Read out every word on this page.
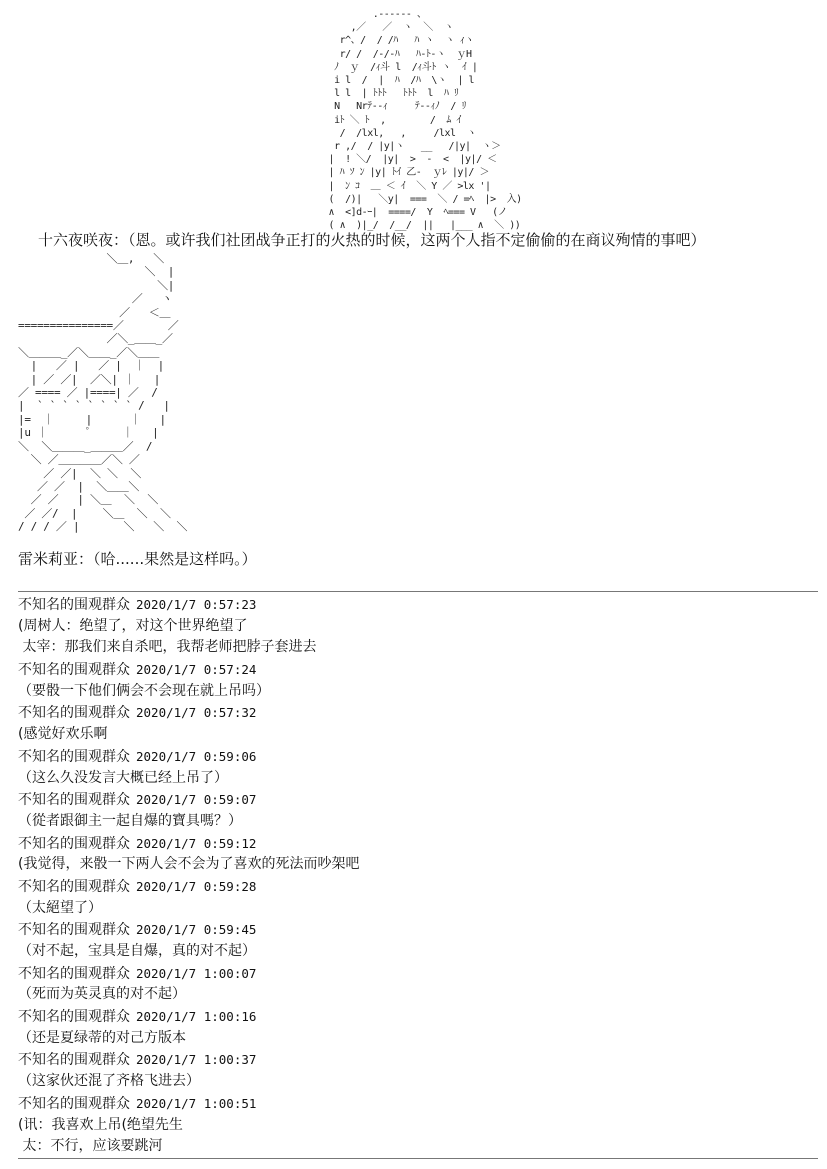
.-‐‐‐‐- 、
,／   ／  ヽ  ＼  ヽ
r^、/  / /ﾊ   ﾊ ヽ  ヽ ｨヽ
r/ /  /‐/‐ﾊ   ﾊ‐ﾄ‐ヽ  ｙH
ﾉ  ｙ  /ｨ斗 l  /ｨ斗ﾄ ヽ  ｲ |
i l  /  |  ﾊ  /ﾊ  \ヽ  | l
l l  | ﾄﾄﾄ   ﾄﾄﾄ  l  ﾊ ﾘ
N   Nrﾃ--ｨ     ﾃ--ｨﾉ  / ﾘ
iﾄ ＼ ﾄ  ,        /  ﾑ ｲ
/  /lxl,   ,     /lxl  ヽ
r ,/  / |y|ヽ   __   /|y|  ヽ＞
|  ! ＼/  |y|  >  ‐  <  |y|/ ＜
| ﾊ ｿ ﾝ |y| ﾄｲ 乙-  ｙﾚ |y|/ ＞
|  ﾝ ｺ  ＿ ＜ ｲ  ＼ Y ／ >lx '|
(  /)|   ＼y|  ===  ＼ / =ﾍ  |>  入)
∧  <]d-ｰ|  ====/  Y  ﾍ=== V   (ノ
( ∧  )|_/  /__/  ||   |___ ∧  ＼ ))
十六夜咲夜：（恩。或许我们社团战争正打的火热的时候，这两个人指不定偷偷的在商议殉情的事吧）
＼＿,   ＼
＼  |
＼|
／   ヽ
／   ＜＿
===============／       ／
／＼_＿＿_／
＼＿＿＿_／＼＿＿_／＼＿＿
|   ／ |   ／ |  ｜  |
| ／ ／|  ／＼| ｜   |
／ ==== ／ |====| ／  /
|  ` ` ` ` ` ` ` ` /   |
|=  ｜     |      ｜   |
|u ｜      ﾟ     ｜   |
＼  ＼＿＿＿_＿＿＿／  /
＼ ／＿＿＿＿／＼ ／
／ ／|  ＼ ＼  ＼
／ ／  |  ＼＿＿＼
／ ／   | ＼＿  ＼  ＼
／ ／/  |    ＼＿  ＼  ＼
/ / / ／ |       ＼   ＼  ＼
雷米莉亚：（哈......果然是这样吗。）
不知名的围观群众 2020/1/7 0:57:23
(周树人：绝望了，对这个世界绝望了
太宰：那我们来自杀吧，我帮老师把脖子套进去
不知名的围观群众 2020/1/7 0:57:24
（要骰一下他们俩会不会现在就上吊吗）
不知名的围观群众 2020/1/7 0:57:32
(感觉好欢乐啊
不知名的围观群众 2020/1/7 0:59:06
（这么久没发言大概已经上吊了）
不知名的围观群众 2020/1/7 0:59:07
（從者跟御主一起自爆的寶具嗎？）
不知名的围观群众 2020/1/7 0:59:12
(我觉得，来骰一下两人会不会为了喜欢的死法而吵架吧
不知名的围观群众 2020/1/7 0:59:28
（太絕望了）
不知名的围观群众 2020/1/7 0:59:45
（对不起，宝具是自爆，真的对不起）
不知名的围观群众 2020/1/7 1:00:07
（死而为英灵真的对不起）
不知名的围观群众 2020/1/7 1:00:16
（还是夏绿蒂的对己方版本
不知名的围观群众 2020/1/7 1:00:37
（这家伙还混了齐格飞进去）
不知名的围观群众 2020/1/7 1:00:51
(讯：我喜欢上吊(绝望先生
太：不行，应该要跳河
